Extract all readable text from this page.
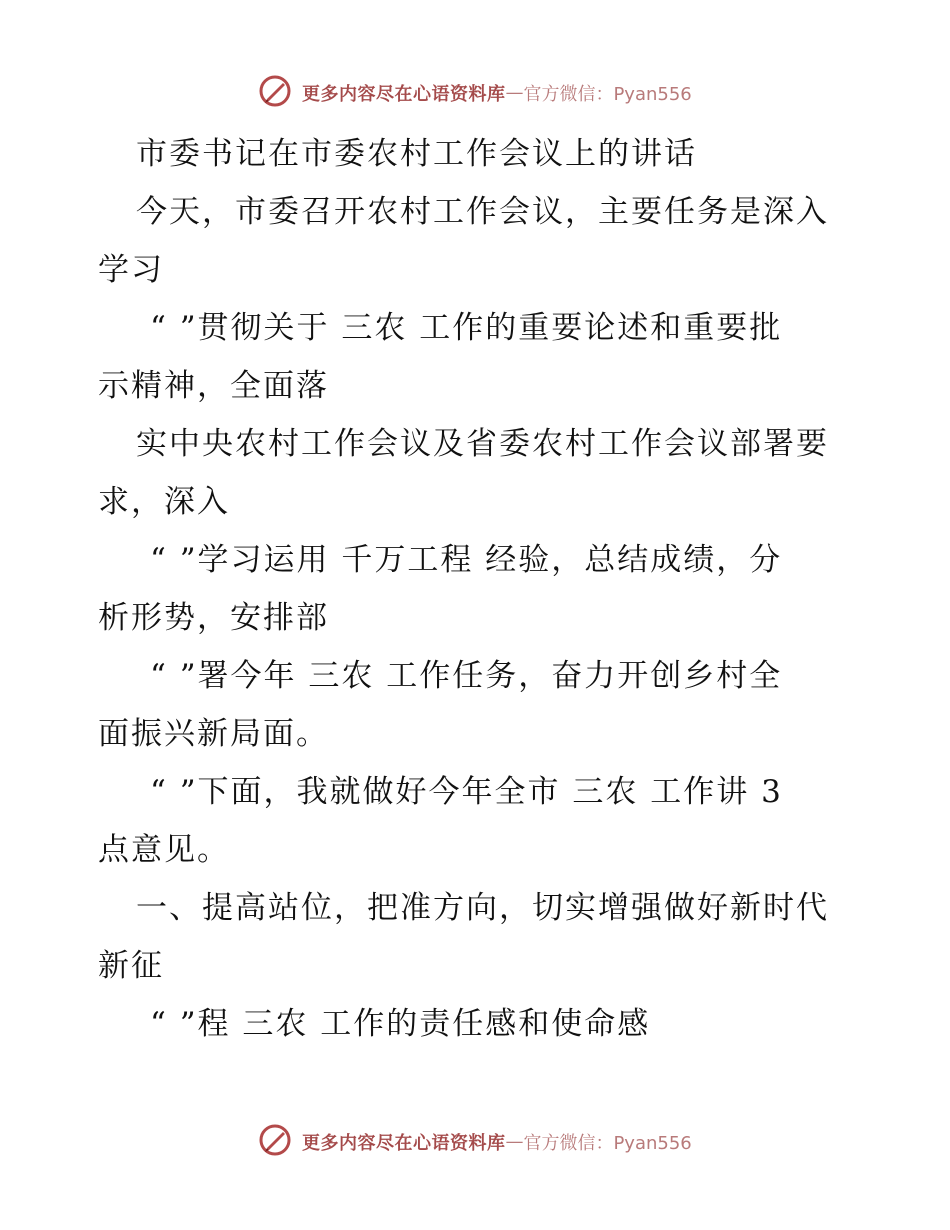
更多内容尽在心语资料库—官方微信：Pyan556
市委书记在市委农村工作会议上的讲话
今天，市委召开农村工作会议，主要任务是深入
学习
“ ”贯彻关于 三农 工作的重要论述和重要批
示精神，全面落
实中央农村工作会议及省委农村工作会议部署要
求，深入
“ ”学习运用 千万工程 经验，总结成绩，分
析形势，安排部
“ ”署今年 三农 工作任务，奋力开创乡村全
面振兴新局面。
“ ”下面，我就做好今年全市 三农 工作讲 3
点意见。
一、提高站位，把准方向，切实增强做好新时代
新征
“ ”程 三农 工作的责任感和使命感
更多内容尽在心语资料库—官方微信：Pyan556
